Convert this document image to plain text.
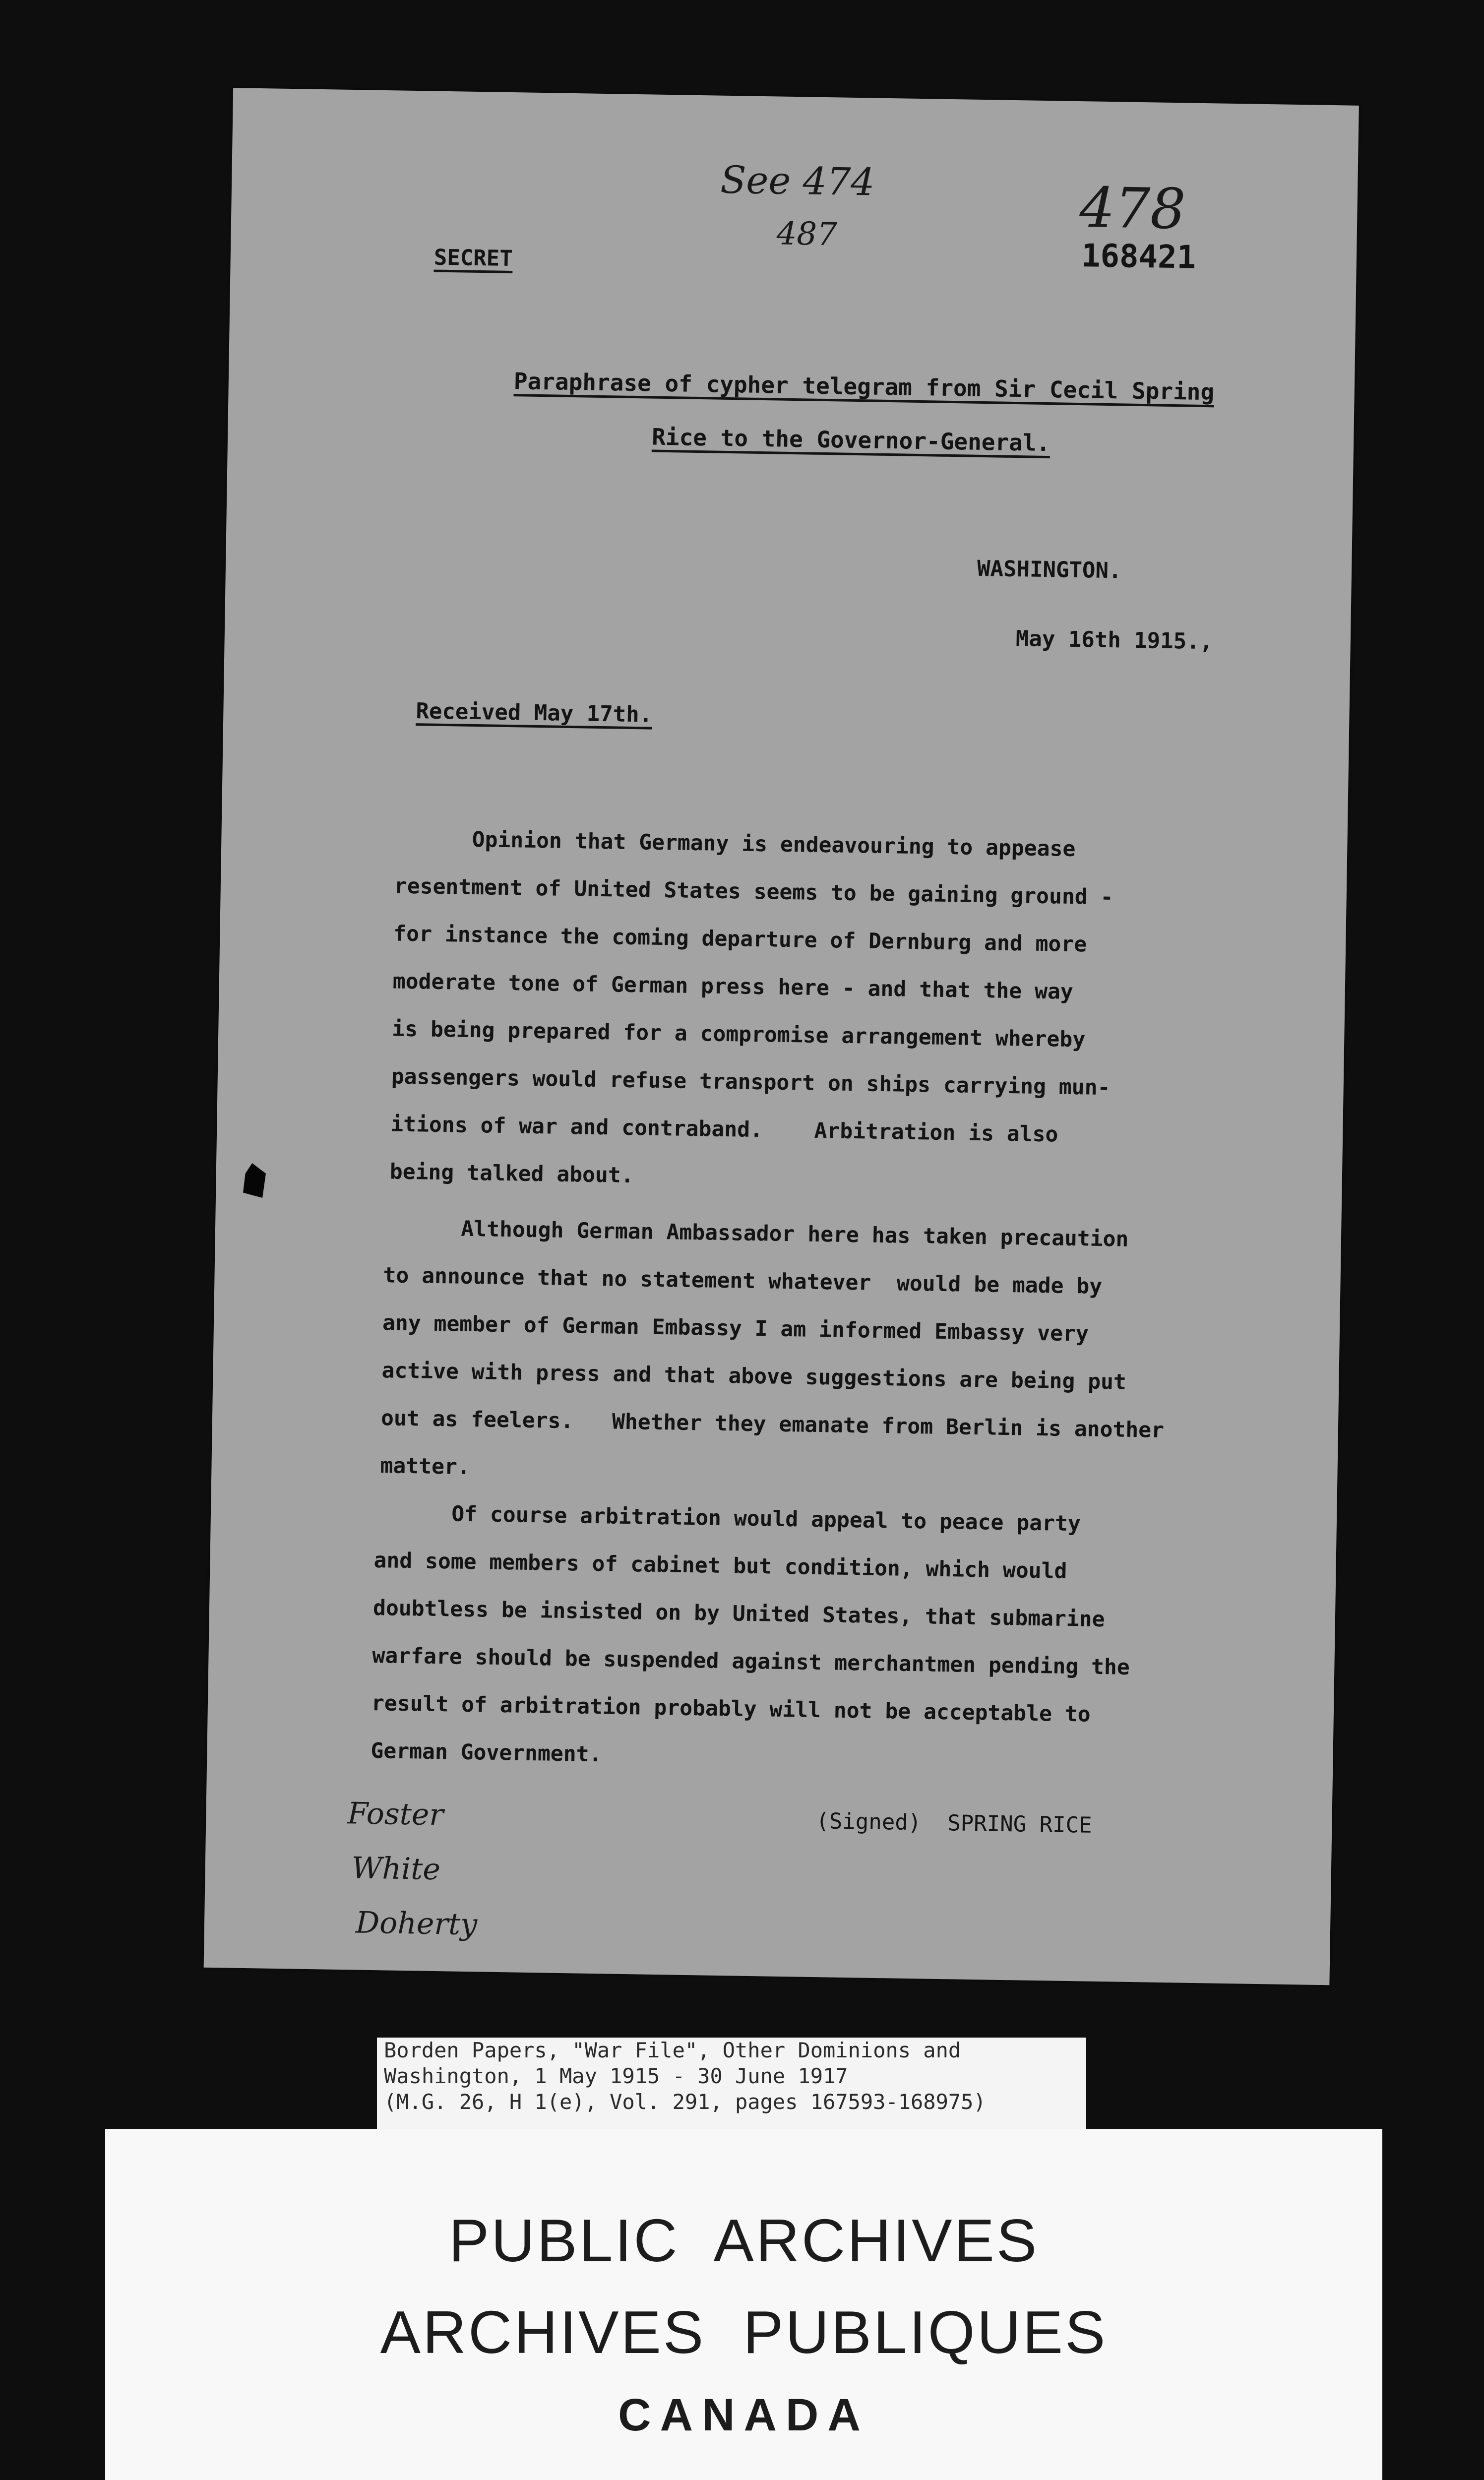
SECRET
See 474
487	478
168421
Paraphrase of cypher telegram from Sir Cecil Spring
Rice to the Governor-General.
WASHINGTON.
May 16th 1915.,
Received May 17th.
Opinion that Germany is endeavouring to appease
resentment of United States seems to be gaining ground -
for instance the coming departure of Dernburg and more
moderate tone of German press here - and that the way
is being prepared for a compromise arrangement whereby
passengers would refuse transport on ships carrying mun-
itions of war and contraband.    Arbitration is also
being talked about.
Although German Ambassador here has taken precaution
to announce that no statement whatever  would be made by
any member of German Embassy I am informed Embassy very
active with press and that above suggestions are being put
out as feelers.   Whether they emanate from Berlin is another
matter.
Of course arbitration would appeal to peace party
and some members of cabinet but condition, which would
doubtless be insisted on by United States, that submarine
warfare should be suspended against merchantmen pending the
result of arbitration probably will not be acceptable to
German Government.
(Signed)  SPRING RICE
Foster
White
Doherty
Borden Papers, "War File", Other Dominions and
Washington, 1 May 1915 - 30 June 1917
(M.G. 26, H 1(e), Vol. 291, pages 167593-168975)
PUBLIC  ARCHIVES
ARCHIVES  PUBLIQUES
CANADA
